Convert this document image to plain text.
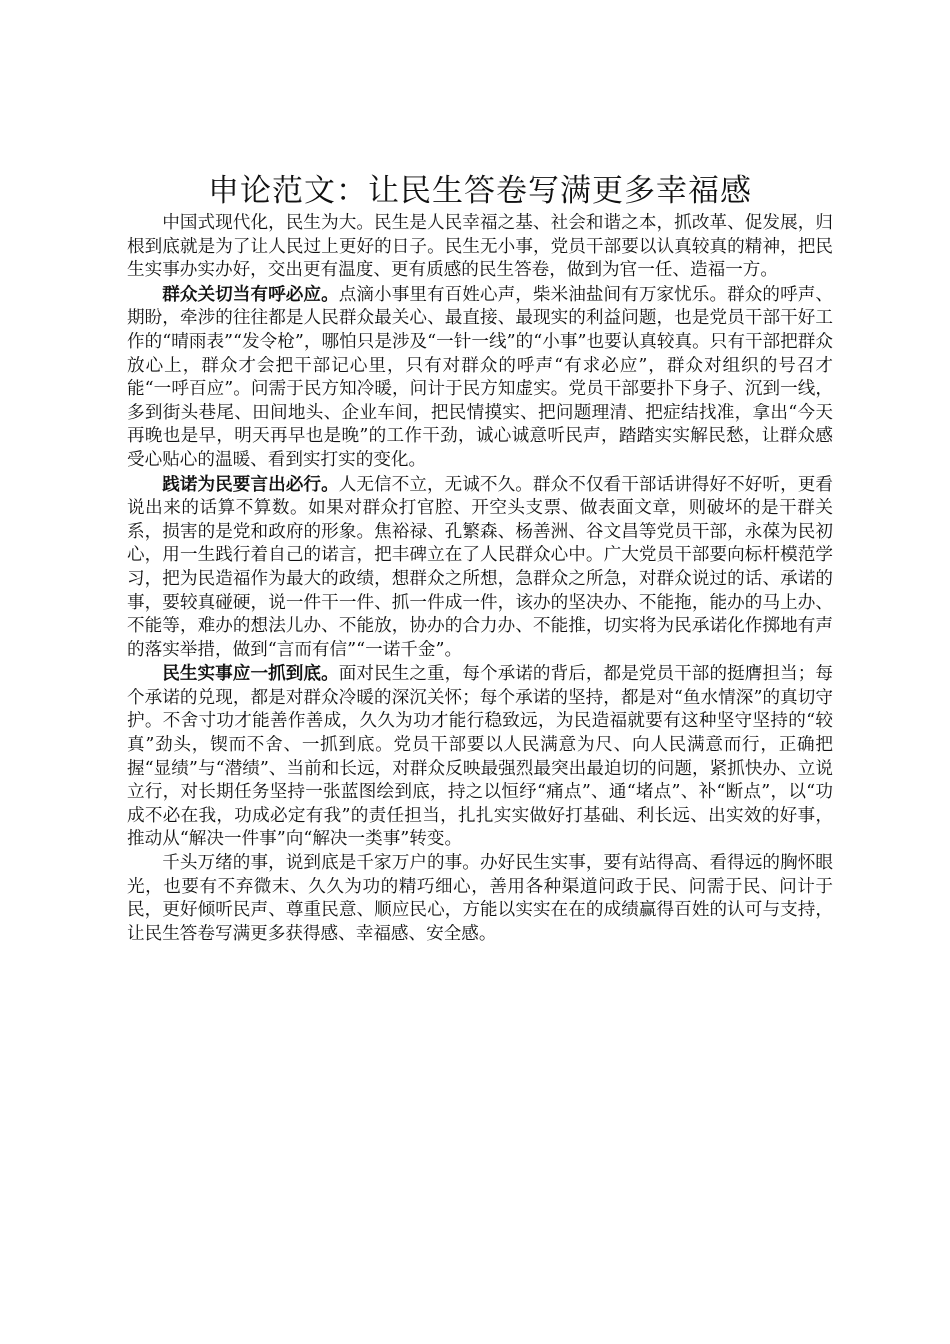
申论范文：让民生答卷写满更多幸福感

中国式现代化，民生为大。民生是人民幸福之基、社会和谐之本，抓改革、促发展，归根到底就是为了让人民过上更好的日子。民生无小事，党员干部要以认真较真的精神，把民生实事办实办好，交出更有温度、更有质感的民生答卷，做到为官一任、造福一方。

群众关切当有呼必应。点滴小事里有百姓心声，柴米油盐间有万家忧乐。群众的呼声、期盼，牵涉的往往都是人民群众最关心、最直接、最现实的利益问题，也是党员干部干好工作的“晴雨表”“发令枪”，哪怕只是涉及“一针一线”的“小事”也要认真较真。只有干部把群众放心上，群众才会把干部记心里，只有对群众的呼声“有求必应”，群众对组织的号召才能“一呼百应”。问需于民方知冷暖，问计于民方知虚实。党员干部要扑下身子、沉到一线，多到街头巷尾、田间地头、企业车间，把民情摸实、把问题理清、把症结找准，拿出“今天再晚也是早，明天再早也是晚”的工作干劲，诚心诚意听民声，踏踏实实解民愁，让群众感受心贴心的温暖、看到实打实的变化。

践诺为民要言出必行。人无信不立，无诚不久。群众不仅看干部话讲得好不好听，更看说出来的话算不算数。如果对群众打官腔、开空头支票、做表面文章，则破坏的是干群关系，损害的是党和政府的形象。焦裕禄、孔繁森、杨善洲、谷文昌等党员干部，永葆为民初心，用一生践行着自己的诺言，把丰碑立在了人民群众心中。广大党员干部要向标杆模范学习，把为民造福作为最大的政绩，想群众之所想，急群众之所急，对群众说过的话、承诺的事，要较真碰硬，说一件干一件、抓一件成一件，该办的坚决办、不能拖，能办的马上办、不能等，难办的想法儿办、不能放，协办的合力办、不能推，切实将为民承诺化作掷地有声的落实举措，做到“言而有信”“一诺千金”。

民生实事应一抓到底。面对民生之重，每个承诺的背后，都是党员干部的挺膺担当；每个承诺的兑现，都是对群众冷暖的深沉关怀；每个承诺的坚持，都是对“鱼水情深”的真切守护。不舍寸功才能善作善成，久久为功才能行稳致远，为民造福就要有这种坚守坚持的“较真”劲头，锲而不舍、一抓到底。党员干部要以人民满意为尺、向人民满意而行，正确把握“显绩”与“潜绩”、当前和长远，对群众反映最强烈最突出最迫切的问题，紧抓快办、立说立行，对长期任务坚持一张蓝图绘到底，持之以恒纾“痛点”、通“堵点”、补“断点”，以“功成不必在我，功成必定有我”的责任担当，扎扎实实做好打基础、利长远、出实效的好事，推动从“解决一件事”向“解决一类事”转变。

千头万绪的事，说到底是千家万户的事。办好民生实事，要有站得高、看得远的胸怀眼光，也要有不弃微末、久久为功的精巧细心，善用各种渠道问政于民、问需于民、问计于民，更好倾听民声、尊重民意、顺应民心，方能以实实在在的成绩赢得百姓的认可与支持，让民生答卷写满更多获得感、幸福感、安全感。
